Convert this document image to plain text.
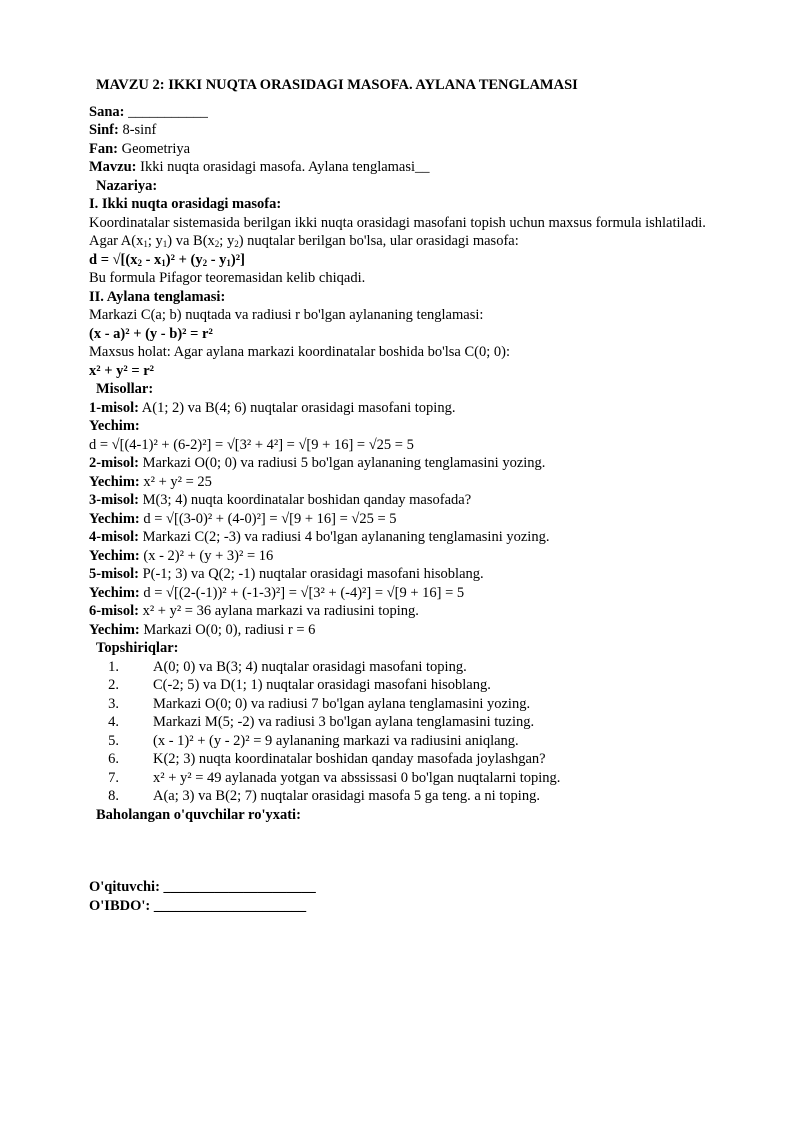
MAVZU 2: IKKI NUQTA ORASIDAGI MASOFA. AYLANA TENGLAMASI
Sana: ___________
Sinf: 8-sinf
Fan: Geometriya
Mavzu: Ikki nuqta orasidagi masofa. Aylana tenglamasi__
Nazariya:
I. Ikki nuqta orasidagi masofa:
Koordinatalar sistemasida berilgan ikki nuqta orasidagi masofani topish uchun maxsus formula ishlatiladi.
Agar $A(x_1$; $y_1$) va $B(x_2$; $y_2$) nuqtalar berilgan bo'lsa, ular orasidagi masofa:
$d = √[(x_2 - x_1)^2 + (y_2 - y_1)^2]$
Bu formula Pifagor teoremasidan kelib chiqadi.
II. Aylana tenglamasi:
Markazi C(a; b) nuqtada va radiusi r bo'lgan aylananing tenglamasi:
(x - a)² + (y - b)² = r²
Maxsus holat: Agar aylana markazi koordinatalar boshida bo'lsa C(0; 0):
x² + y² = r²
Misollar:
1-misol: A(1; 2) va B(4; 6) nuqtalar orasidagi masofani toping.
Yechim:
d = √[(4-1)² + (6-2)²] = √[3² + 4²] = √[9 + 16] = √25 = 5
2-misol: Markazi O(0; 0) va radiusi 5 bo'lgan aylananing tenglamasini yozing.
Yechim: x² + y² = 25
3-misol: M(3; 4) nuqta koordinatalar boshidan qanday masofada?
Yechim: d = √[(3-0)² + (4-0)²] = √[9 + 16] = √25 = 5
4-misol: Markazi C(2; -3) va radiusi 4 bo'lgan aylananing tenglamasini yozing.
Yechim: (x - 2)² + (y + 3)² = 16
5-misol: P(-1; 3) va Q(2; -1) nuqtalar orasidagi masofani hisoblang.
Yechim: d = √[(2-(-1))² + (-1-3)²] = √[3² + (-4)²] = √[9 + 16] = 5
6-misol: x² + y² = 36 aylana markazi va radiusini toping.
Yechim: Markazi O(0; 0), radiusi r = 6
Topshiriqlar:
1. A(0; 0) va B(3; 4) nuqtalar orasidagi masofani toping.
2. C(-2; 5) va D(1; 1) nuqtalar orasidagi masofani hisoblang.
3. Markazi O(0; 0) va radiusi 7 bo'lgan aylana tenglamasini yozing.
4. Markazi M(5; -2) va radiusi 3 bo'lgan aylana tenglamasini tuzing.
5. (x - 1)² + (y - 2)² = 9 aylananing markazi va radiusini aniqlang.
6. K(2; 3) nuqta koordinatalar boshidan qanday masofada joylashgan?
7. x² + y² = 49 aylanada yotgan va abssissasi 0 bo'lgan nuqtalarni toping.
8. A(a; 3) va B(2; 7) nuqtalar orasidagi masofa 5 ga teng. a ni toping.
Baholangan o'quvchilar ro'yxati:
O'qituvchi: _____________________
O'IBDO': _____________________
